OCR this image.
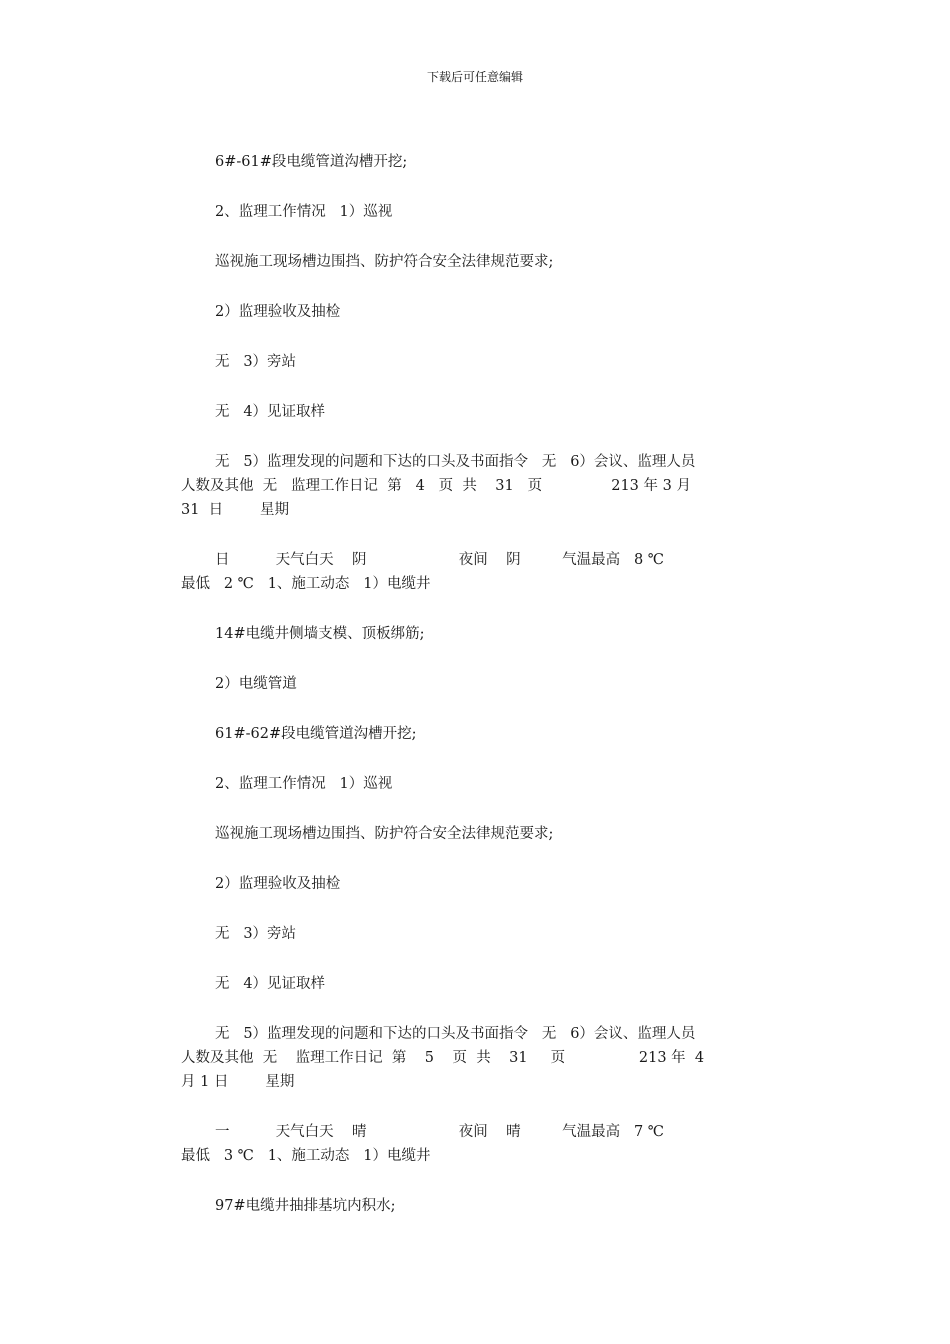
下载后可任意编辑

6#-61#段电缆管道沟槽开挖;

2、监理工作情况   1）巡视

巡视施工现场槽边围挡、防护符合安全法律规范要求;

2）监理验收及抽检

无   3）旁站

无   4）见证取样

无   5）监理发现的问题和下达的口头及书面指令   无   6）会议、监理人员

人数及其他  无   监理工作日记  第   4   页  共    31   页               213 年 3 月

31  日        星期

日          天气白天    阴                    夜间    阴         气温最高   8 ℃

最低   2 ℃   1、施工动态   1）电缆井

14#电缆井侧墙支模、顶板绑筋;

2）电缆管道

61#-62#段电缆管道沟槽开挖;

2、监理工作情况   1）巡视

巡视施工现场槽边围挡、防护符合安全法律规范要求;

2）监理验收及抽检

无   3）旁站

无   4）见证取样

无   5）监理发现的问题和下达的口头及书面指令   无   6）会议、监理人员

人数及其他  无    监理工作日记  第    5    页  共    31     页                213 年  4

月 1 日        星期

一          天气白天    晴                    夜间    晴         气温最高   7 ℃

最低   3 ℃   1、施工动态   1）电缆井

97#电缆井抽排基坑内积水;
